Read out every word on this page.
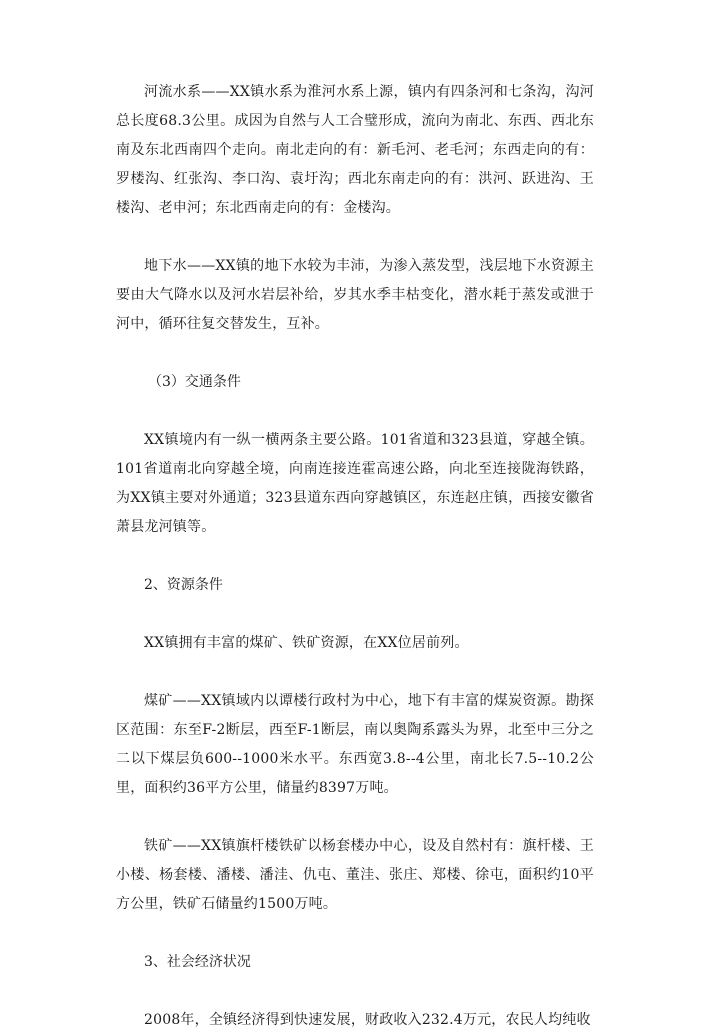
河流水系——XX镇水系为淮河水系上源，镇内有四条河和七条沟，沟河总长度68.3公里。成因为自然与人工合璧形成，流向为南北、东西、西北东南及东北西南四个走向。南北走向的有：新毛河、老毛河；东西走向的有：罗楼沟、红张沟、李口沟、袁圩沟；西北东南走向的有：洪河、跃进沟、王楼沟、老申河；东北西南走向的有：金楼沟。

地下水——XX镇的地下水较为丰沛，为渗入蒸发型，浅层地下水资源主要由大气降水以及河水岩层补给，岁其水季丰枯变化，潜水耗于蒸发或泄于河中，循环往复交替发生，互补。

（3）交通条件

XX镇境内有一纵一横两条主要公路。101省道和323县道，穿越全镇。101省道南北向穿越全境，向南连接连霍高速公路，向北至连接陇海铁路，为XX镇主要对外通道；323县道东西向穿越镇区，东连赵庄镇，西接安徽省萧县龙河镇等。

2、资源条件

XX镇拥有丰富的煤矿、铁矿资源，在XX位居前列。

煤矿——XX镇域内以谭楼行政村为中心，地下有丰富的煤炭资源。勘探区范围：东至F-2断层，西至F-1断层，南以奥陶系露头为界，北至中三分之二以下煤层负600--1000米水平。东西宽3.8--4公里，南北长7.5--10.2公里，面积约36平方公里，储量约8397万吨。

铁矿——XX镇旗杆楼铁矿以杨套楼办中心，设及自然村有：旗杆楼、王小楼、杨套楼、潘楼、潘洼、仇屯、董洼、张庄、郑楼、徐屯，面积约10平方公里，铁矿石储量约1500万吨。

3、社会经济状况

2008年，全镇经济得到快速发展，财政收入232.4万元，农民人均纯收
